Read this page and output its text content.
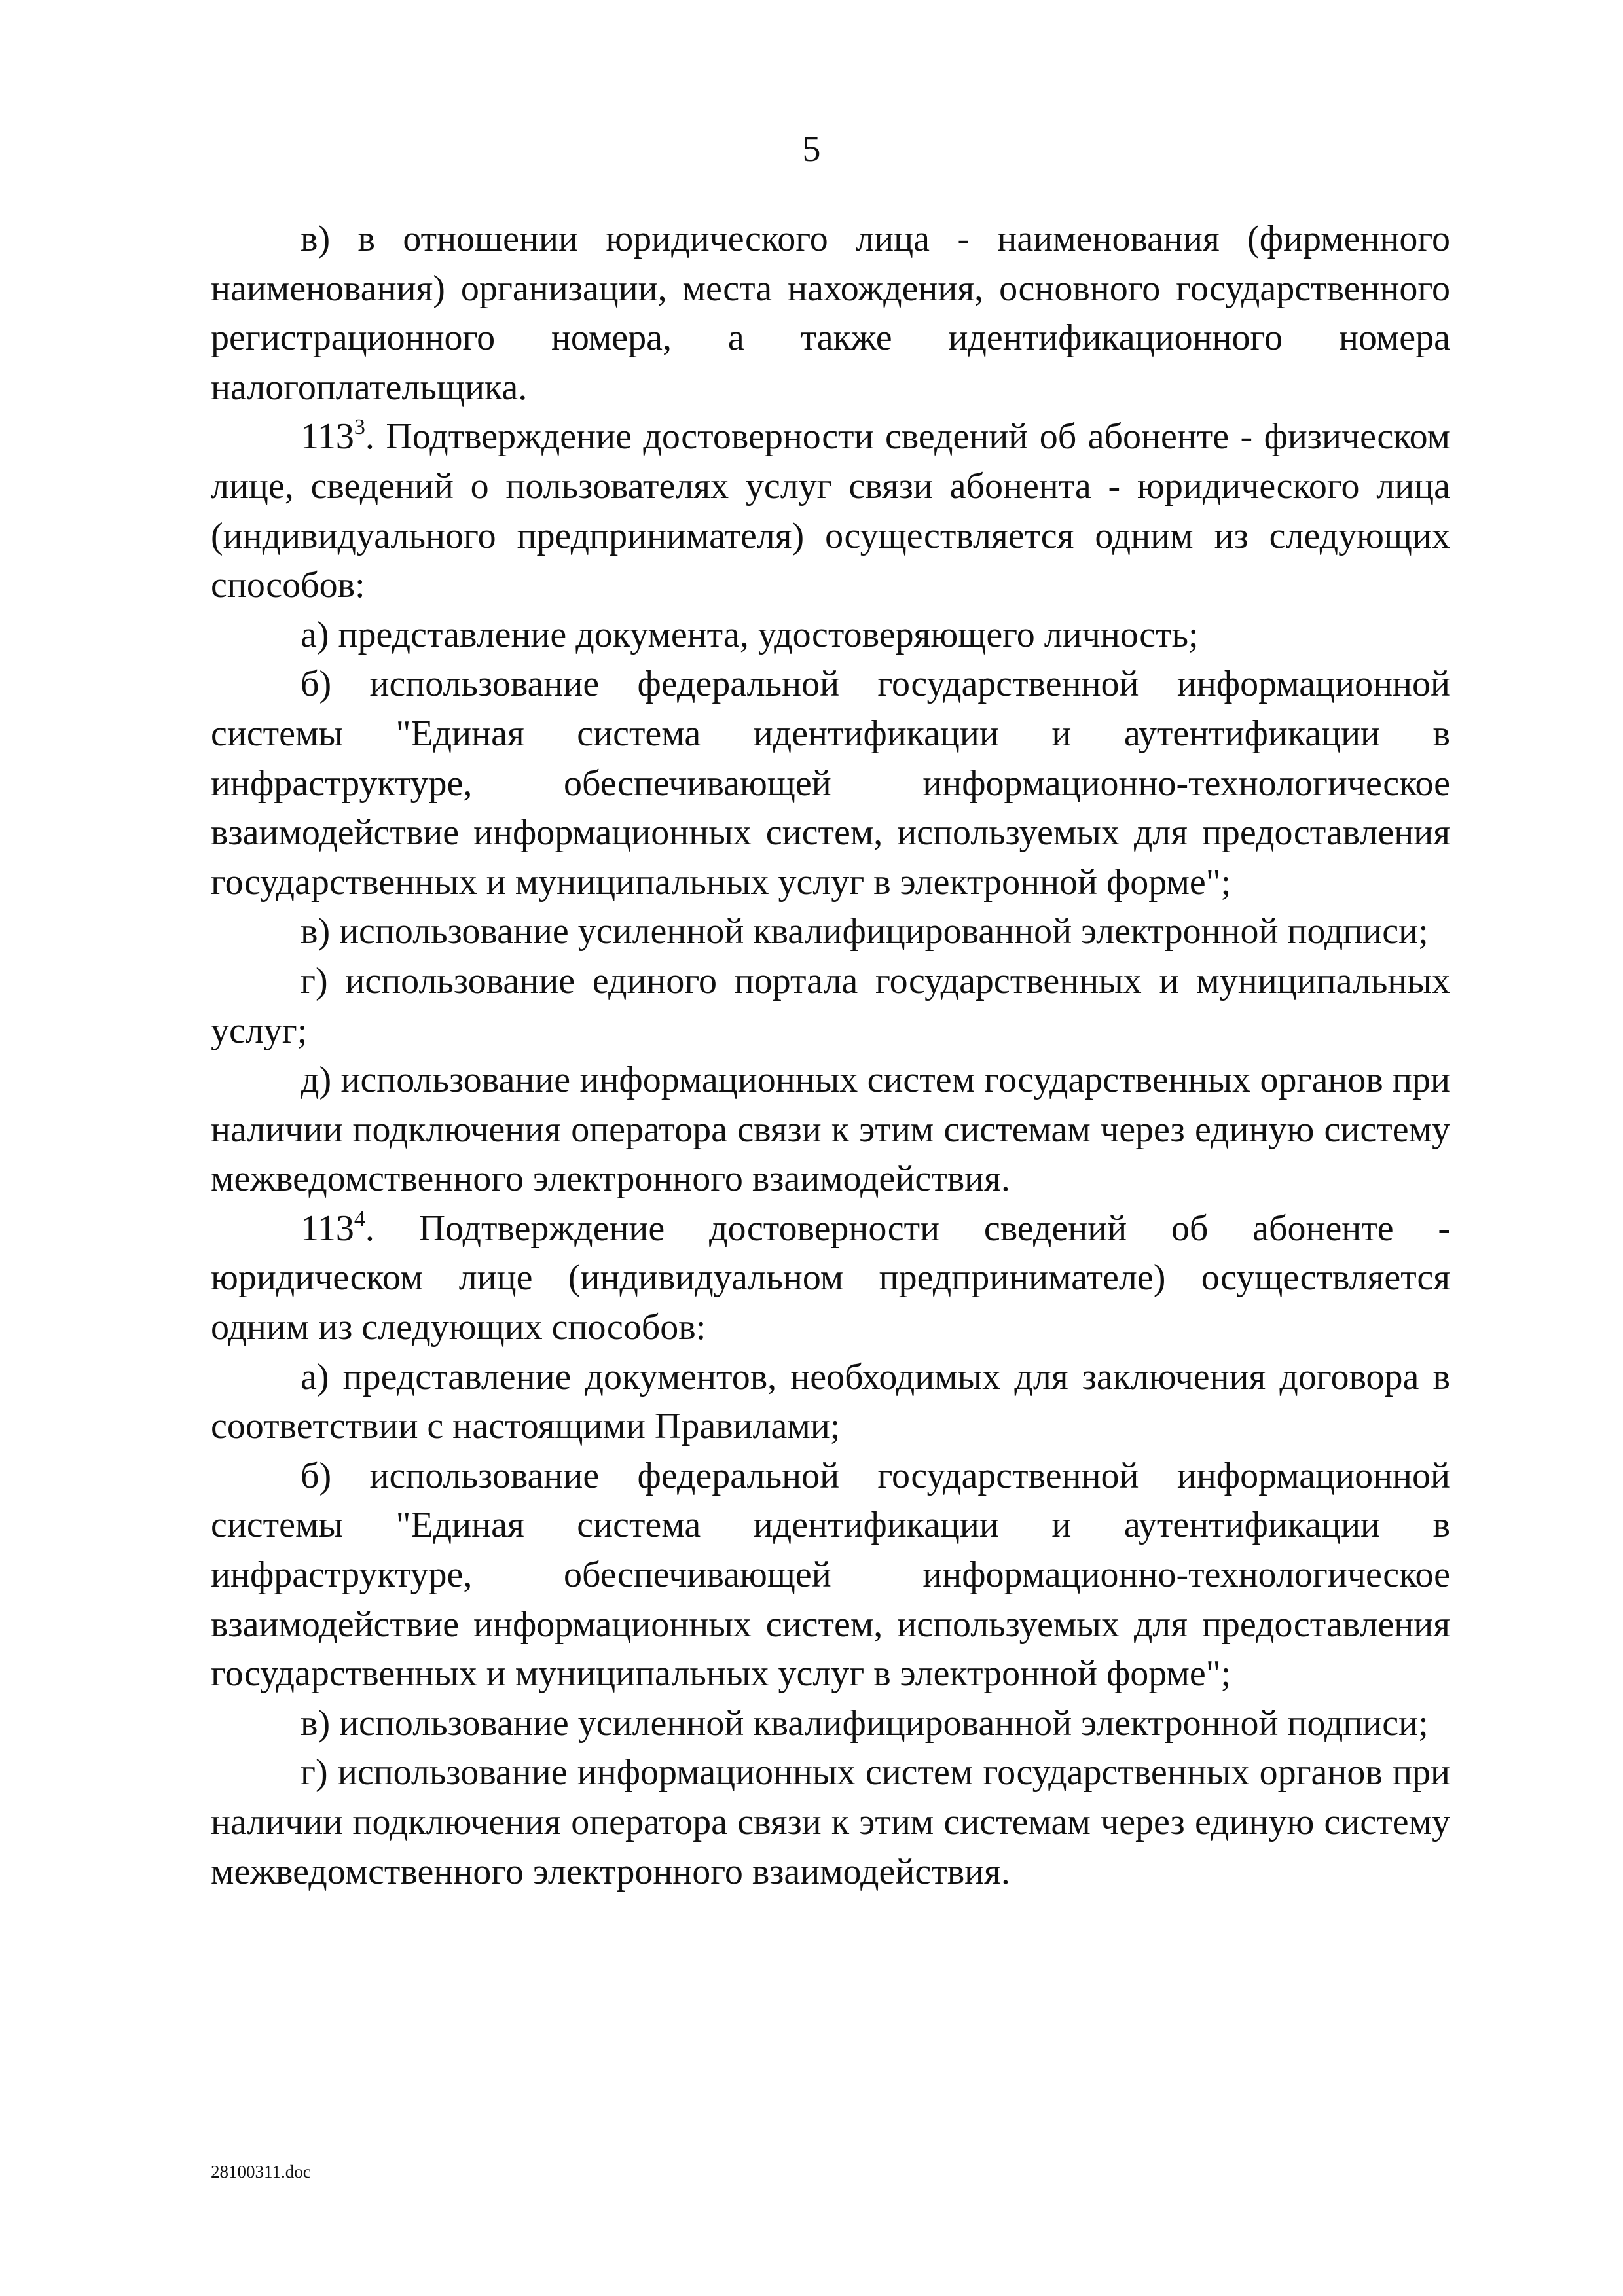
5

в) в отношении юридического лица - наименования (фирменного наименования) организации, места нахождения, основного государственного регистрационного номера, а также идентификационного номера налогоплательщика.

$113^3$. Подтверждение достоверности сведений об абоненте - физическом лице, сведений о пользователях услуг связи абонента - юридического лица (индивидуального предпринимателя) осуществляется одним из следующих способов:

а) представление документа, удостоверяющего личность;

б) использование федеральной государственной информационной системы "Единая система идентификации и аутентификации в инфраструктуре, обеспечивающей информационно-технологическое взаимодействие информационных систем, используемых для предоставления государственных и муниципальных услуг в электронной форме";

в) использование усиленной квалифицированной электронной подписи;

г) использование единого портала государственных и муниципальных услуг;

д) использование информационных систем государственных органов при наличии подключения оператора связи к этим системам через единую систему межведомственного электронного взаимодействия.

$113^4$. Подтверждение достоверности сведений об абоненте - юридическом лице (индивидуальном предпринимателе) осуществляется одним из следующих способов:

а) представление документов, необходимых для заключения договора в соответствии с настоящими Правилами;

б) использование федеральной государственной информационной системы "Единая система идентификации и аутентификации в инфраструктуре, обеспечивающей информационно-технологическое взаимодействие информационных систем, используемых для предоставления государственных и муниципальных услуг в электронной форме";

в) использование усиленной квалифицированной электронной подписи;

г) использование информационных систем государственных органов при наличии подключения оператора связи к этим системам через единую систему межведомственного электронного взаимодействия.

28100311.doc
